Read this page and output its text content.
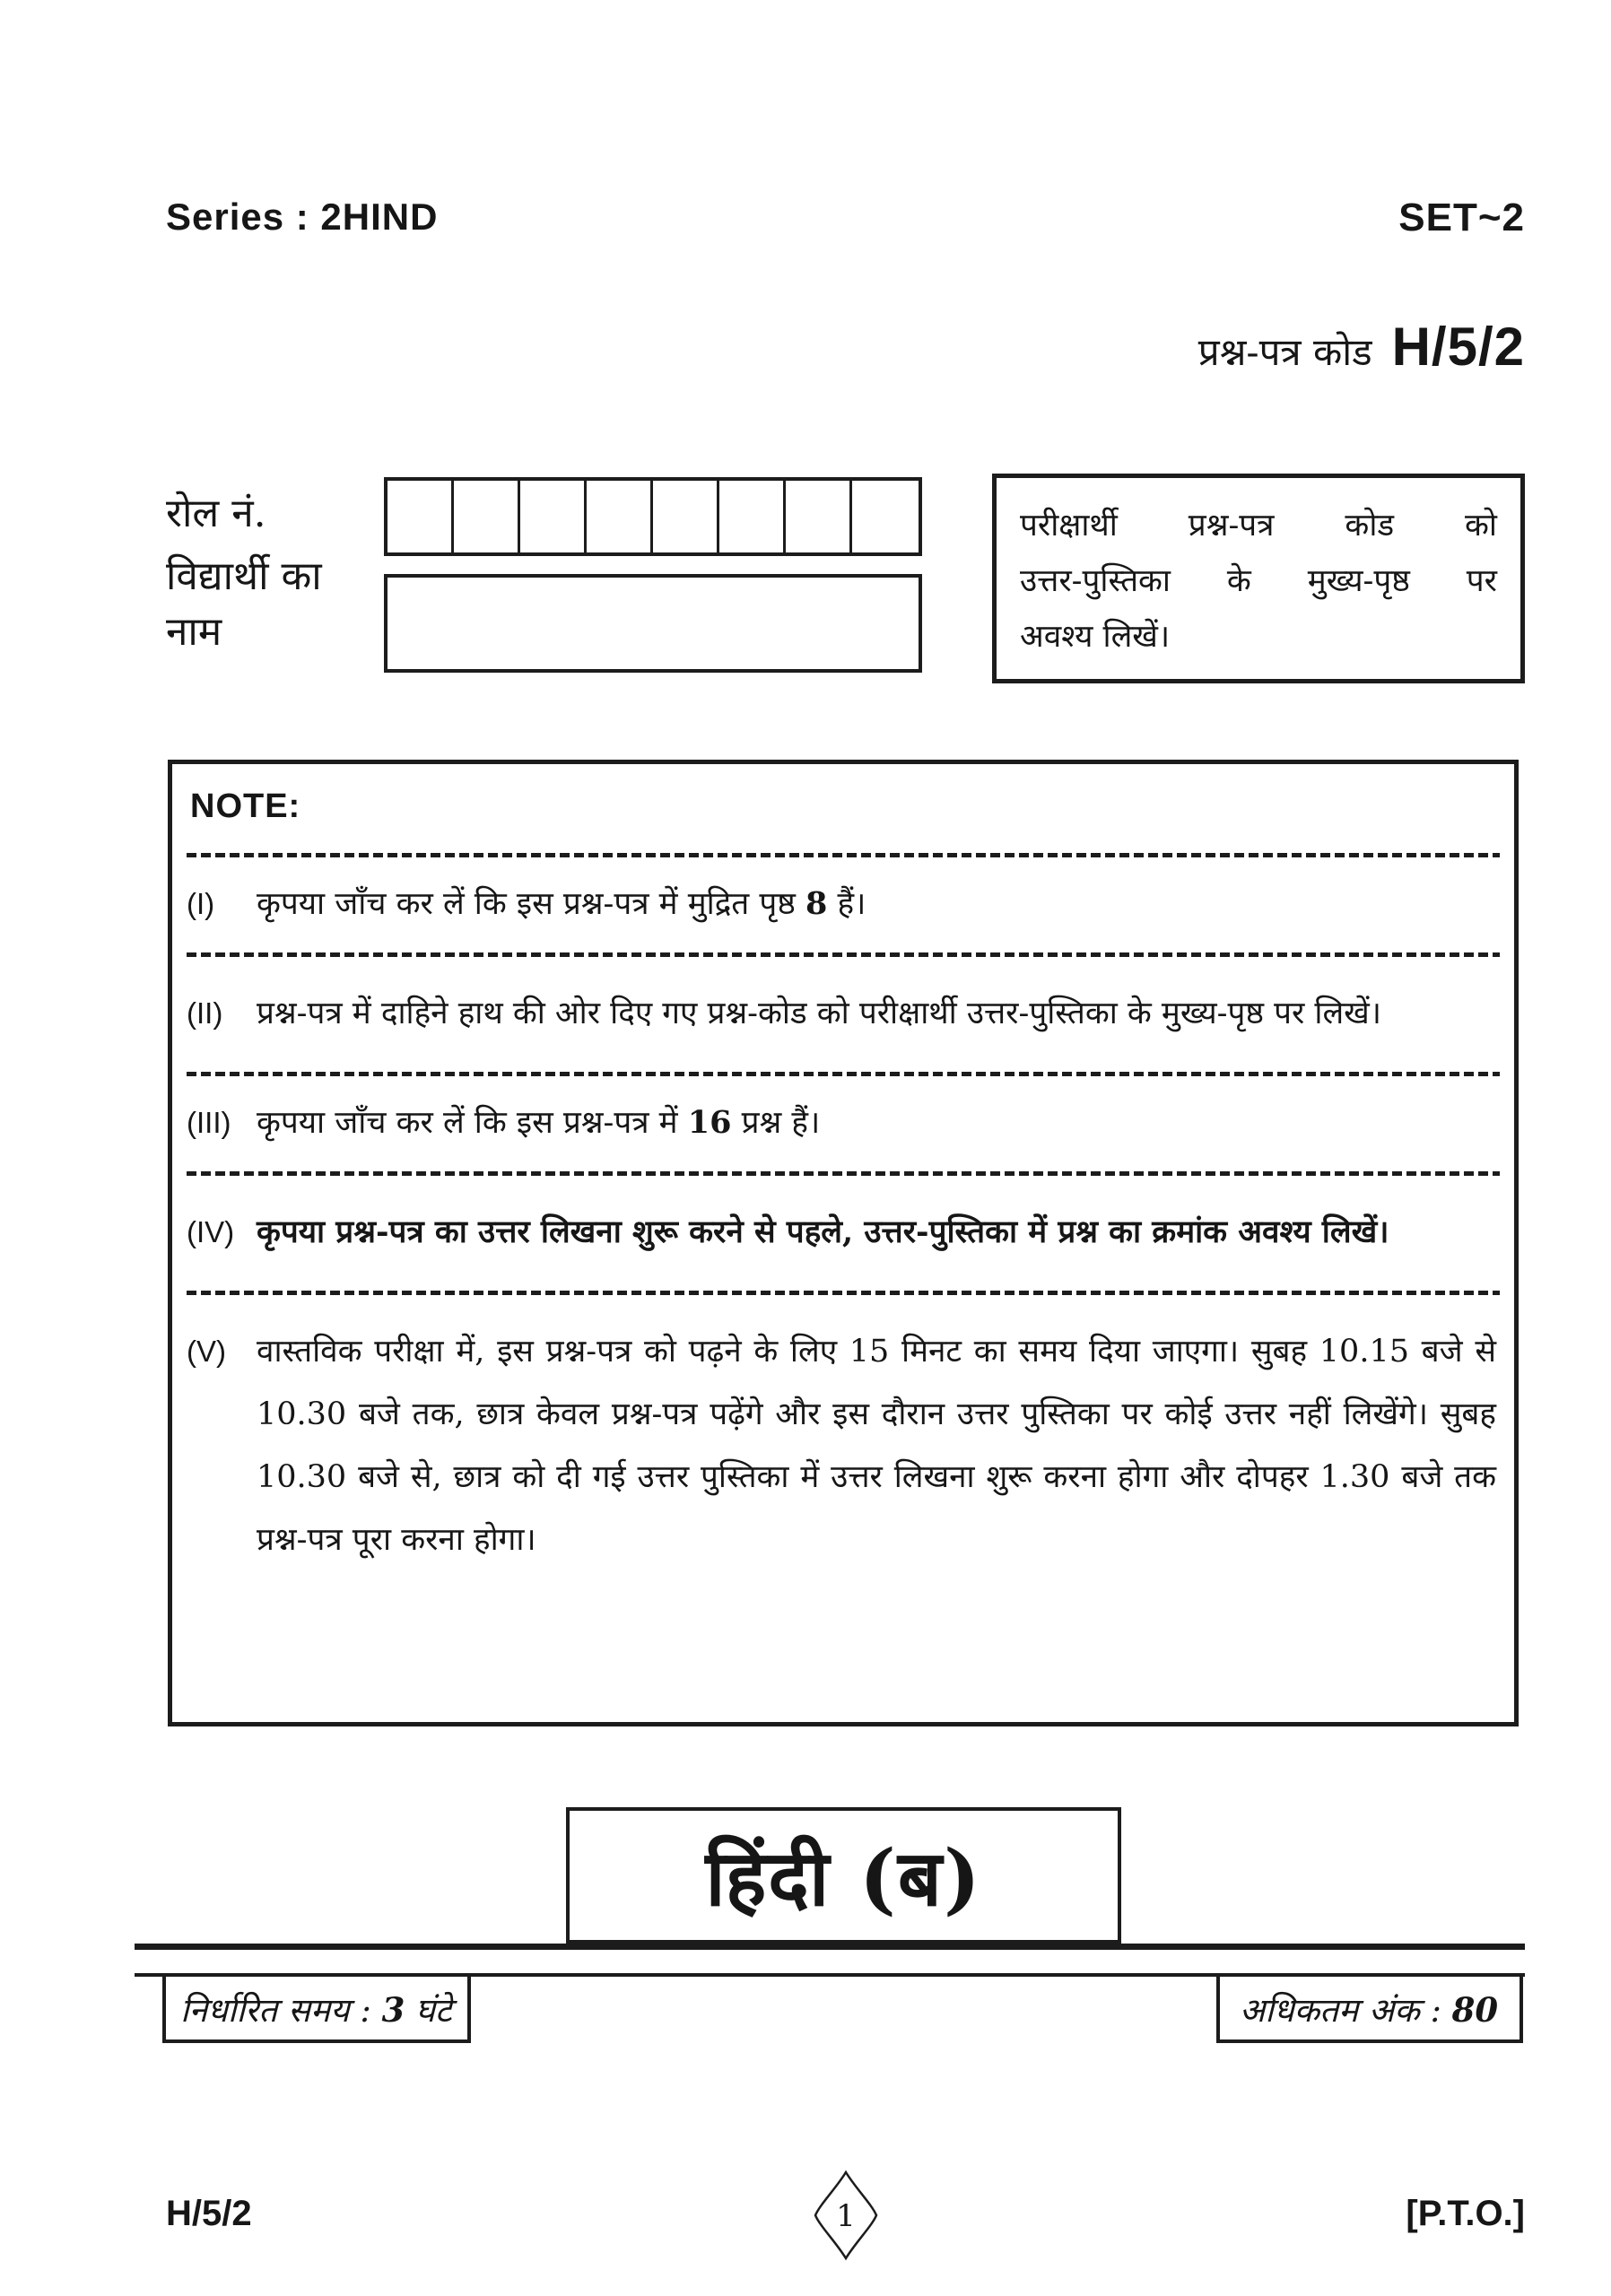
Series : 2HIND	SET~2
प्रश्न-पत्र कोड H/5/2
रोल नं.
विद्यार्थी का
नाम
परीक्षार्थी प्रश्न-पत्र कोड को
उत्तर-पुस्तिका के मुख्य-पृष्ठ पर
अवश्य लिखें।
NOTE:
(I)	कृपया जाँच कर लें कि इस प्रश्न-पत्र में मुद्रित पृष्ठ 8 हैं।
(II)	प्रश्न-पत्र में दाहिने हाथ की ओर दिए गए प्रश्न-कोड को परीक्षार्थी उत्तर-पुस्तिका के मुख्य-पृष्ठ पर लिखें।
(III) कृपया जाँच कर लें कि इस प्रश्न-पत्र में 16 प्रश्न हैं।
(IV) कृपया प्रश्न-पत्र का उत्तर लिखना शुरू करने से पहले, उत्तर-पुस्तिका में प्रश्न का क्रमांक अवश्य लिखें।
(V) वास्तविक परीक्षा में, इस प्रश्न-पत्र को पढ़ने के लिए 15 मिनट का समय दिया जाएगा। सुबह 10.15 बजे से 10.30 बजे तक, छात्र केवल प्रश्न-पत्र पढ़ेंगे और इस दौरान उत्तर पुस्तिका पर कोई उत्तर नहीं लिखेंगे। सुबह 10.30 बजे से, छात्र को दी गई उत्तर पुस्तिका में उत्तर लिखना शुरू करना होगा और दोपहर 1.30 बजे तक प्रश्न-पत्र पूरा करना होगा।
हिंदी (ब)
निर्धारित समय : 3 घंटे	अधिकतम अंक : 80
H/5/2	1	[P.T.O.]
